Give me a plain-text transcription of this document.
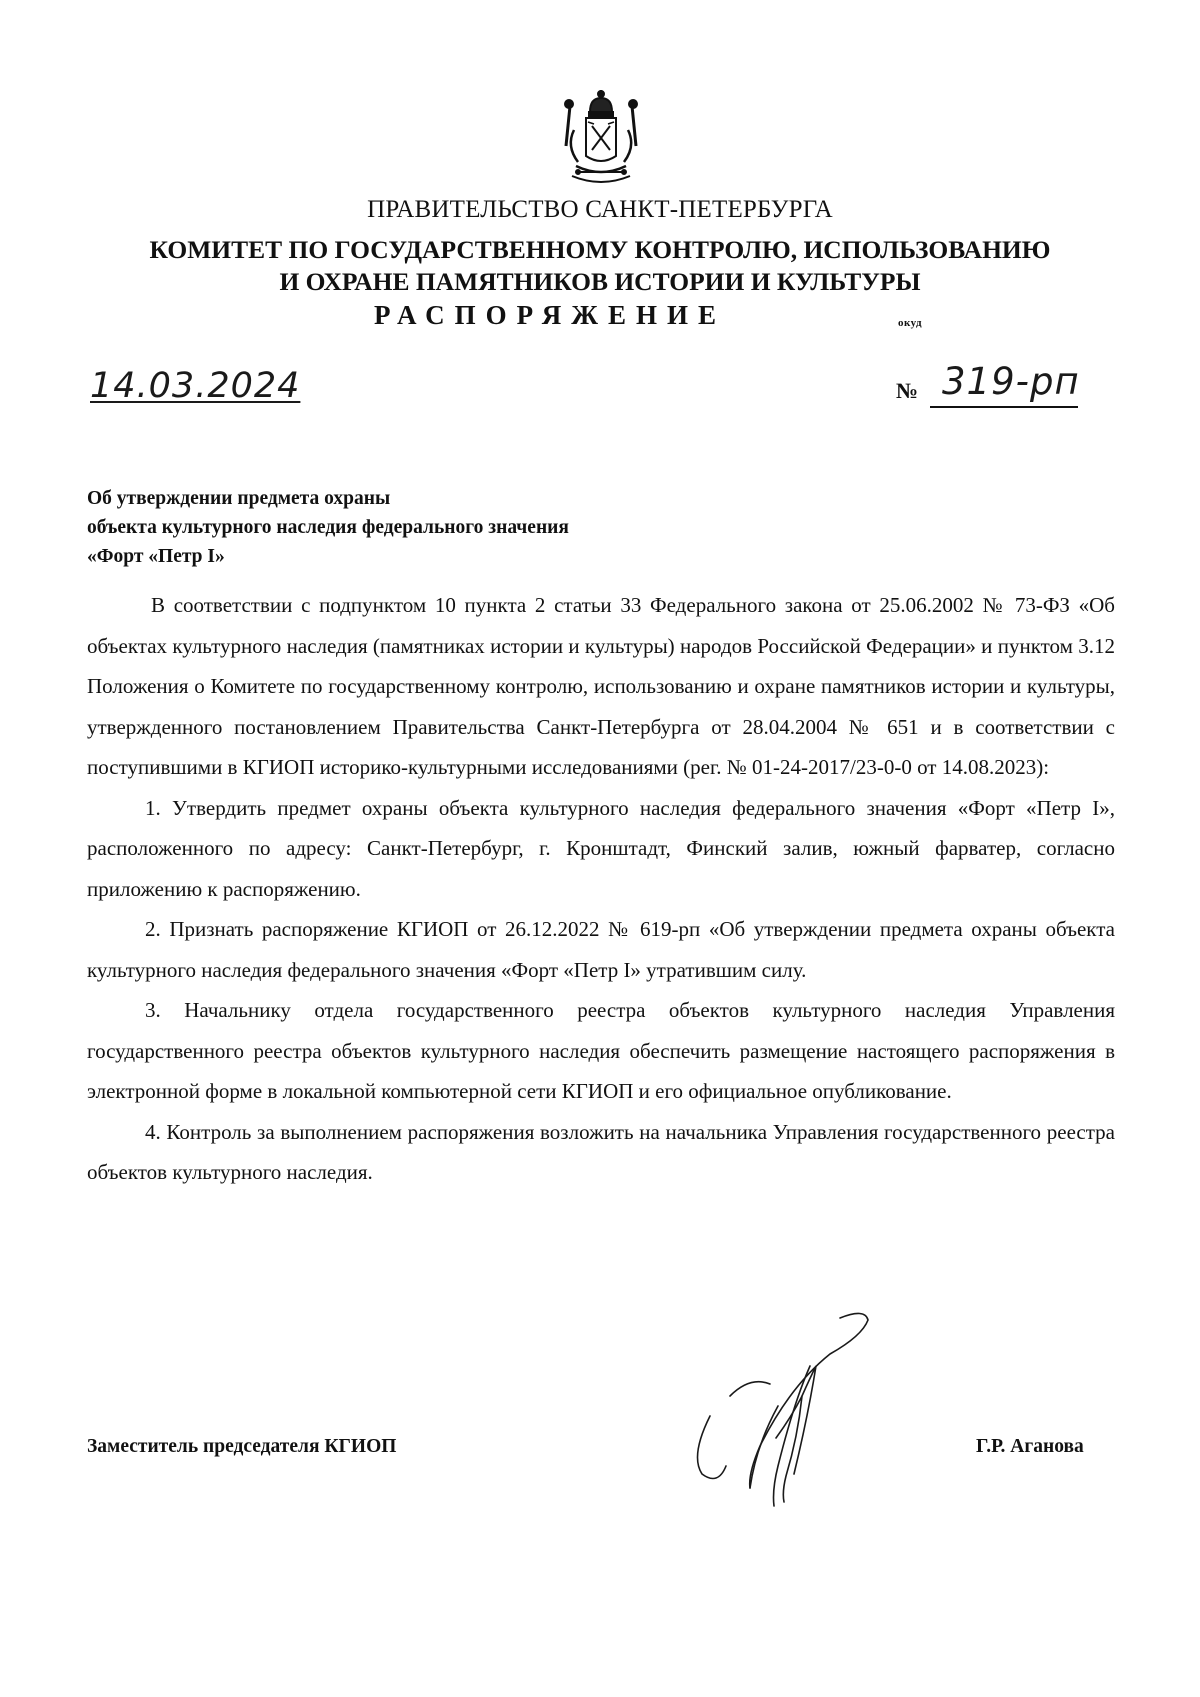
ПРАВИТЕЛЬСТВО САНКТ-ПЕТЕРБУРГА
КОМИТЕТ ПО ГОСУДАРСТВЕННОМУ КОНТРОЛЮ, ИСПОЛЬЗОВАНИЮ
И ОХРАНЕ ПАМЯТНИКОВ ИСТОРИИ И КУЛЬТУРЫ
РАСПОРЯЖЕНИЕ	окуд
14.03.2024	№ 319-рп
Об утверждении предмета охраны
объекта культурного наследия федерального значения
«Форт «Петр I»

В соответствии с подпунктом 10 пункта 2 статьи 33 Федерального закона от 25.06.2002 № 73-ФЗ «Об объектах культурного наследия (памятниках истории и культуры) народов Российской Федерации» и пунктом 3.12 Положения о Комитете по государственному контролю, использованию и охране памятников истории и культуры, утвержденного постановлением Правительства Санкт-Петербурга от 28.04.2004 № 651 и в соответствии с поступившими в КГИОП историко-культурными исследованиями (рег. № 01-24-2017/23-0-0 от 14.08.2023):

1. Утвердить предмет охраны объекта культурного наследия федерального значения «Форт «Петр I», расположенного по адресу: Санкт-Петербург, г. Кронштадт, Финский залив, южный фарватер, согласно приложению к распоряжению.

2. Признать распоряжение КГИОП от 26.12.2022 № 619-рп «Об утверждении предмета охраны объекта культурного наследия федерального значения «Форт «Петр I» утратившим силу.

3. Начальнику отдела государственного реестра объектов культурного наследия Управления государственного реестра объектов культурного наследия обеспечить размещение настоящего распоряжения в электронной форме в локальной компьютерной сети КГИОП и его официальное опубликование.

4. Контроль за выполнением распоряжения возложить на начальника Управления государственного реестра объектов культурного наследия.

Заместитель председателя КГИОП	Г.Р. Аганова
